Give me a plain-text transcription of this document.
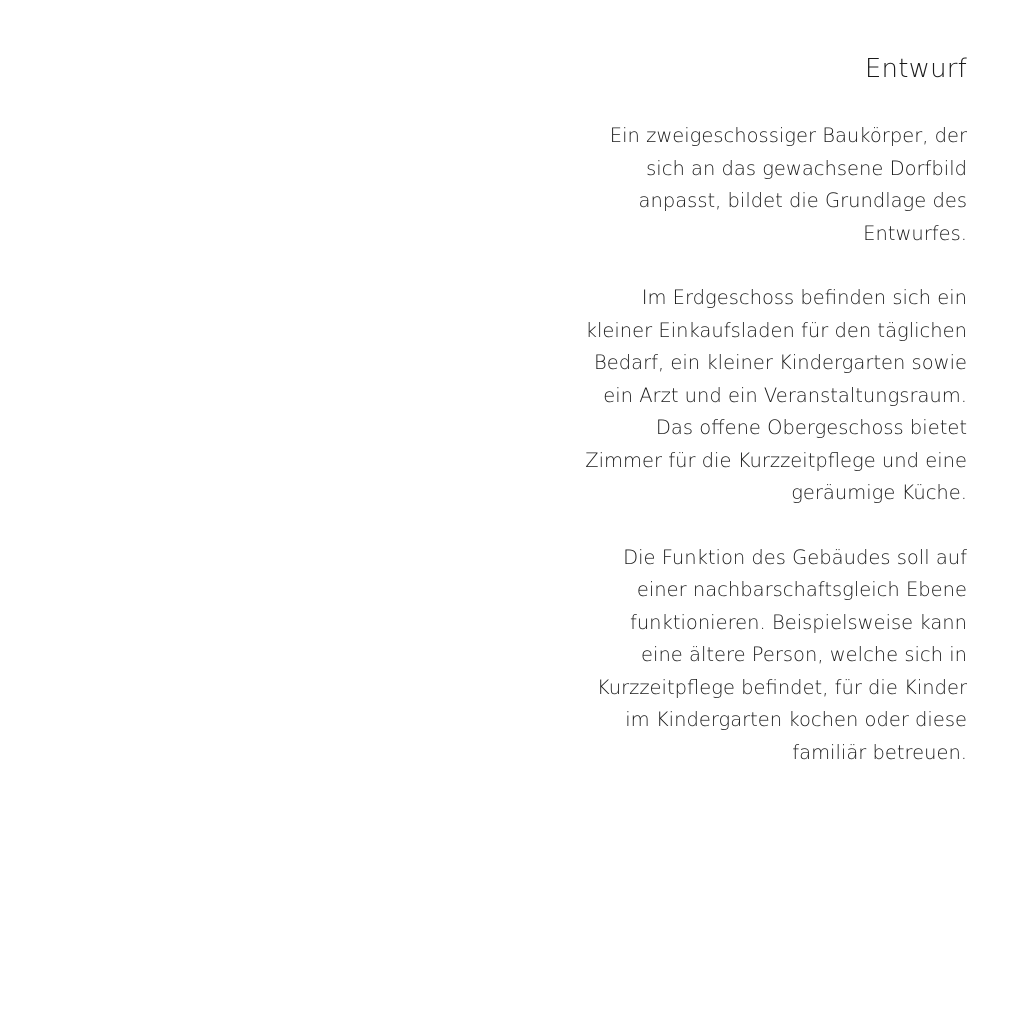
Entwurf

Ein zweigeschossiger Baukörper, der
sich an das gewachsene Dorfbild
anpasst, bildet die Grundlage des
Entwurfes.

Im Erdgeschoss befinden sich ein
kleiner Einkaufsladen für den täglichen
Bedarf, ein kleiner Kindergarten sowie
ein Arzt und ein Veranstaltungsraum.
Das offene Obergeschoss bietet
Zimmer für die Kurzzeitpflege und eine
geräumige Küche.

Die Funktion des Gebäudes soll auf
einer nachbarschaftsgleich Ebene
funktionieren. Beispielsweise kann
eine ältere Person, welche sich in
Kurzzeitpflege befindet, für die Kinder
im Kindergarten kochen oder diese
familiär betreuen.
